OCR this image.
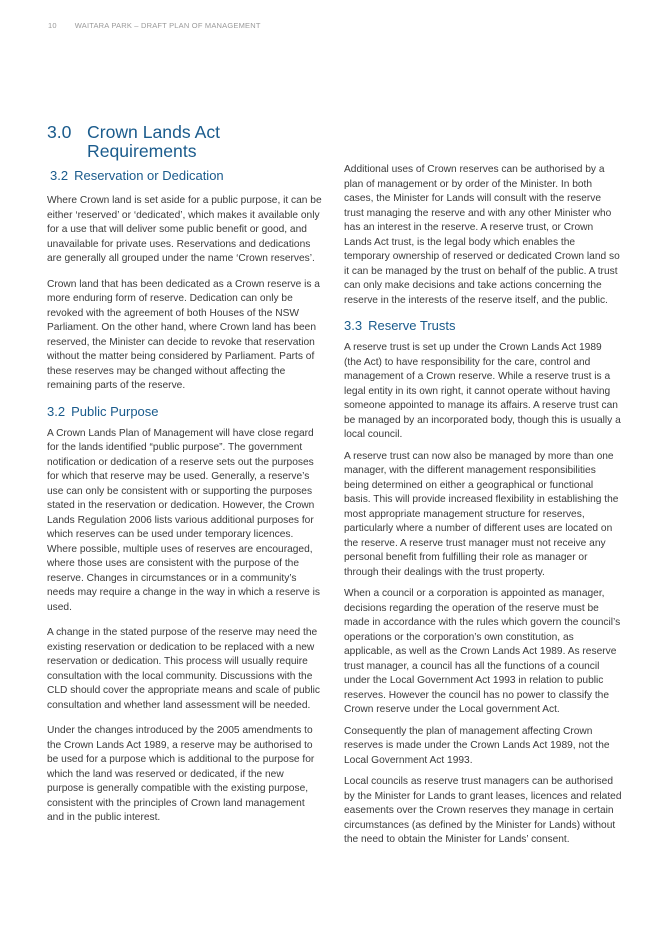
10 WAITARA PARK – DRAFT PLAN OF MANAGEMENT
3.0 Crown Lands Act
Requirements
3.2 Reservation or Dedication

Where Crown land is set aside for a public purpose, it can be either ‘reserved’ or ‘dedicated’, which makes it available only for a use that will deliver some public benefit or good, and unavailable for private uses. Reservations and dedications are generally all grouped under the name ‘Crown reserves’.

Crown land that has been dedicated as a Crown reserve is a more enduring form of reserve. Dedication can only be revoked with the agreement of both Houses of the NSW Parliament. On the other hand, where Crown land has been reserved, the Minister can decide to revoke that reservation without the matter being considered by Parliament. Parts of these reserves may be changed without affecting the remaining parts of the reserve.

3.2 Public Purpose

A Crown Lands Plan of Management will have close regard for the lands identified “public purpose”. The government notification or dedication of a reserve sets out the purposes for which that reserve may be used. Generally, a reserve’s use can only be consistent with or supporting the purposes stated in the reservation or dedication. However, the Crown Lands Regulation 2006 lists various additional purposes for which reserves can be used under temporary licences. Where possible, multiple uses of reserves are encouraged, where those uses are consistent with the purpose of the reserve. Changes in circumstances or in a community’s needs may require a change in the way in which a reserve is used.

A change in the stated purpose of the reserve may need the existing reservation or dedication to be replaced with a new reservation or dedication. This process will usually require consultation with the local community. Discussions with the CLD should cover the appropriate means and scale of public consultation and whether land assessment will be needed.

Under the changes introduced by the 2005 amendments to the Crown Lands Act 1989, a reserve may be authorised to be used for a purpose which is additional to the purpose for which the land was reserved or dedicated, if the new purpose is generally compatible with the existing purpose, consistent with the principles of Crown land management and in the public interest.

Additional uses of Crown reserves can be authorised by a plan of management or by order of the Minister. In both cases, the Minister for Lands will consult with the reserve trust managing the reserve and with any other Minister who has an interest in the reserve. A reserve trust, or Crown Lands Act trust, is the legal body which enables the temporary ownership of reserved or dedicated Crown land so it can be managed by the trust on behalf of the public. A trust can only make decisions and take actions concerning the reserve in the interests of the reserve itself, and the public.

3.3 Reserve Trusts

A reserve trust is set up under the Crown Lands Act 1989 (the Act) to have responsibility for the care, control and management of a Crown reserve. While a reserve trust is a legal entity in its own right, it cannot operate without having someone appointed to manage its affairs. A reserve trust can be managed by an incorporated body, though this is usually a local council.

A reserve trust can now also be managed by more than one manager, with the different management responsibilities being determined on either a geographical or functional basis. This will provide increased flexibility in establishing the most appropriate management structure for reserves, particularly where a number of different uses are located on the reserve. A reserve trust manager must not receive any personal benefit from fulfilling their role as manager or through their dealings with the trust property.

When a council or a corporation is appointed as manager, decisions regarding the operation of the reserve must be made in accordance with the rules which govern the council’s operations or the corporation’s own constitution, as applicable, as well as the Crown Lands Act 1989. As reserve trust manager, a council has all the functions of a council under the Local Government Act 1993 in relation to public reserves. However the council has no power to classify the Crown reserve under the Local government Act.

Consequently the plan of management affecting Crown reserves is made under the Crown Lands Act 1989, not the Local Government Act 1993.

Local councils as reserve trust managers can be authorised by the Minister for Lands to grant leases, licences and related easements over the Crown reserves they manage in certain circumstances (as defined by the Minister for Lands) without the need to obtain the Minister for Lands’ consent.
